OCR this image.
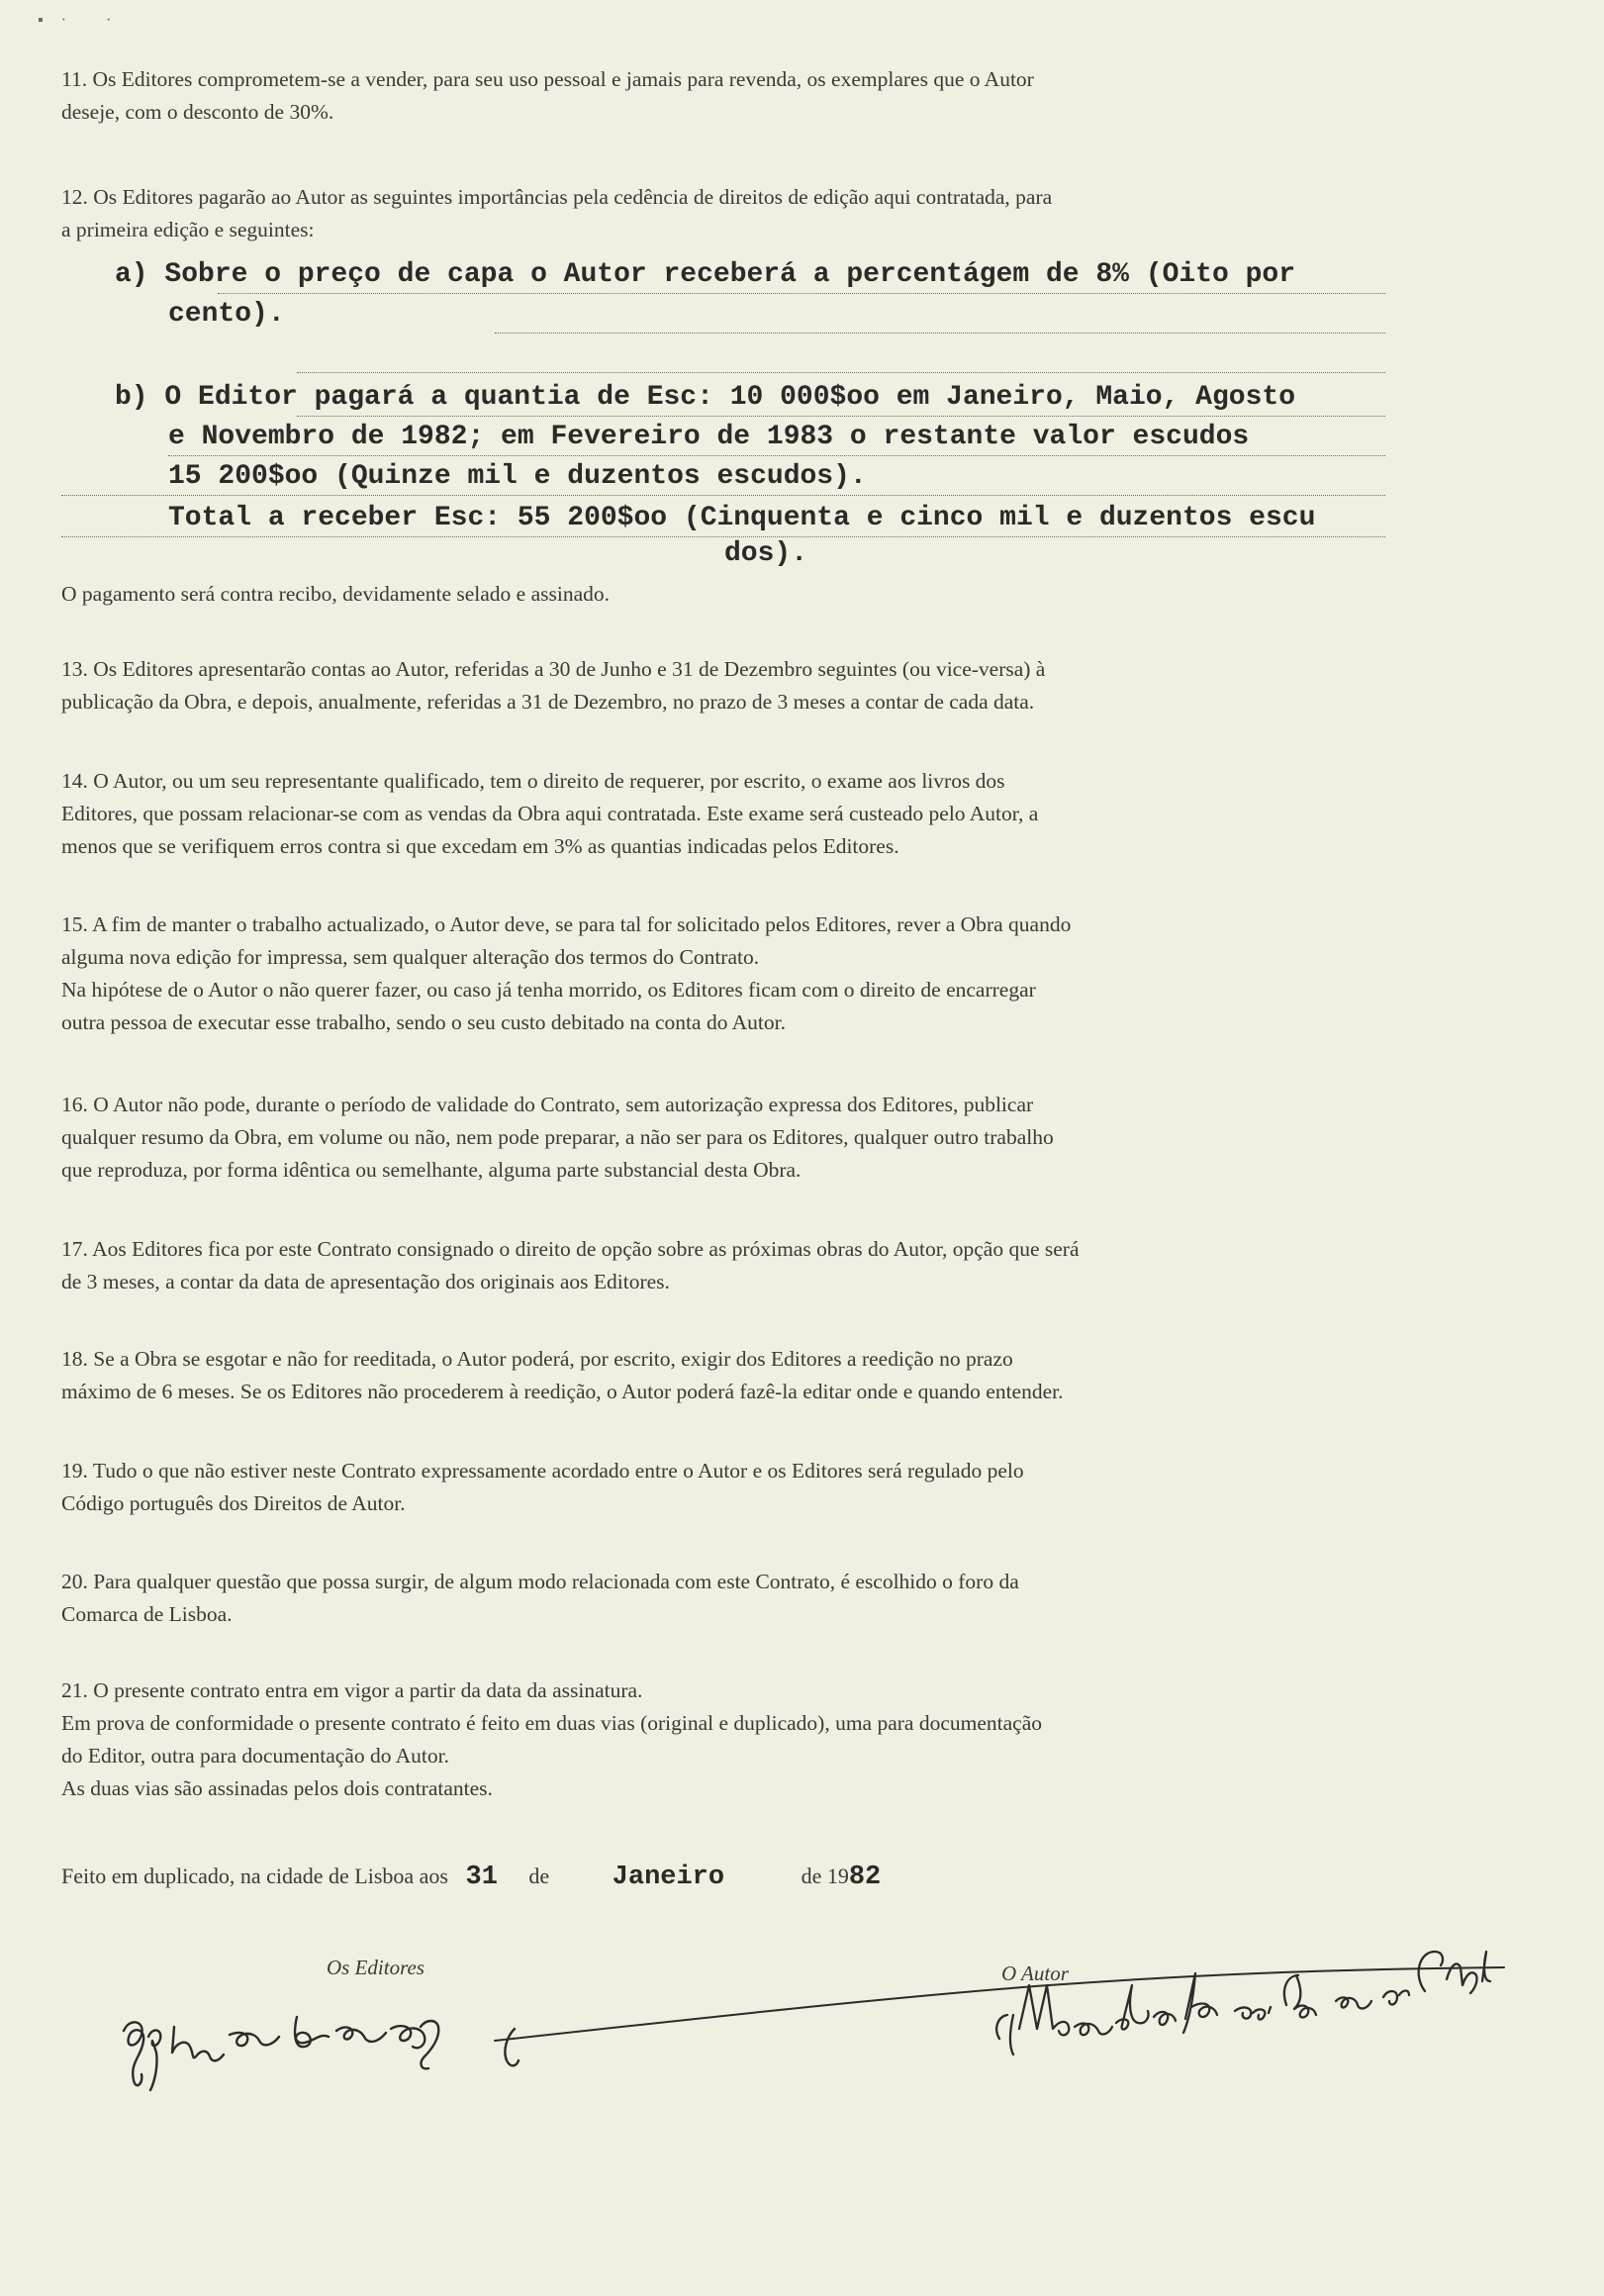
▪︎· ·
11. Os Editores comprometem-se a vender, para seu uso pessoal e jamais para revenda, os exemplares que o Autor
deseje, com o desconto de 30%.
12. Os Editores pagarão ao Autor as seguintes importâncias pela cedência de direitos de edição aqui contratada, para
a primeira edição e seguintes:
a) Sobre o preço de capa o Autor receberá a percentágem de 8% (Oito por
cento).
b) O Editor pagará a quantia de Esc: 10 000$oo em Janeiro, Maio, Agosto
e Novembro de 1982; em Fevereiro de 1983 o restante valor escudos
15 200$oo (Quinze mil e duzentos escudos).
Total a receber Esc: 55 200$oo (Cinquenta e cinco mil e duzentos escu
dos).
O pagamento será contra recibo, devidamente selado e assinado.
13. Os Editores apresentarão contas ao Autor, referidas a 30 de Junho e 31 de Dezembro seguintes (ou vice-versa) à
publicação da Obra, e depois, anualmente, referidas a 31 de Dezembro, no prazo de 3 meses a contar de cada data.
14. O Autor, ou um seu representante qualificado, tem o direito de requerer, por escrito, o exame aos livros dos
Editores, que possam relacionar-se com as vendas da Obra aqui contratada. Este exame será custeado pelo Autor, a
menos que se verifiquem erros contra si que excedam em 3% as quantias indicadas pelos Editores.
15. A fim de manter o trabalho actualizado, o Autor deve, se para tal for solicitado pelos Editores, rever a Obra quando
alguma nova edição for impressa, sem qualquer alteração dos termos do Contrato.
Na hipótese de o Autor o não querer fazer, ou caso já tenha morrido, os Editores ficam com o direito de encarregar
outra pessoa de executar esse trabalho, sendo o seu custo debitado na conta do Autor.
16. O Autor não pode, durante o período de validade do Contrato, sem autorização expressa dos Editores, publicar
qualquer resumo da Obra, em volume ou não, nem pode preparar, a não ser para os Editores, qualquer outro trabalho
que reproduza, por forma idêntica ou semelhante, alguma parte substancial desta Obra.
17. Aos Editores fica por este Contrato consignado o direito de opção sobre as próximas obras do Autor, opção que será
de 3 meses, a contar da data de apresentação dos originais aos Editores.
18. Se a Obra se esgotar e não for reeditada, o Autor poderá, por escrito, exigir dos Editores a reedição no prazo
máximo de 6 meses. Se os Editores não procederem à reedição, o Autor poderá fazê-la editar onde e quando entender.
19. Tudo o que não estiver neste Contrato expressamente acordado entre o Autor e os Editores será regulado pelo
Código português dos Direitos de Autor.
20. Para qualquer questão que possa surgir, de algum modo relacionada com este Contrato, é escolhido o foro da
Comarca de Lisboa.
21. O presente contrato entra em vigor a partir da data da assinatura.
Em prova de conformidade o presente contrato é feito em duas vias (original e duplicado), uma para documentação
do Editor, outra para documentação do Autor.
As duas vias são assinadas pelos dois contratantes.
Feito em duplicado, na cidade de Lisboa aos 31 de Janeiro	de 1982
Os Editores	O Autor
